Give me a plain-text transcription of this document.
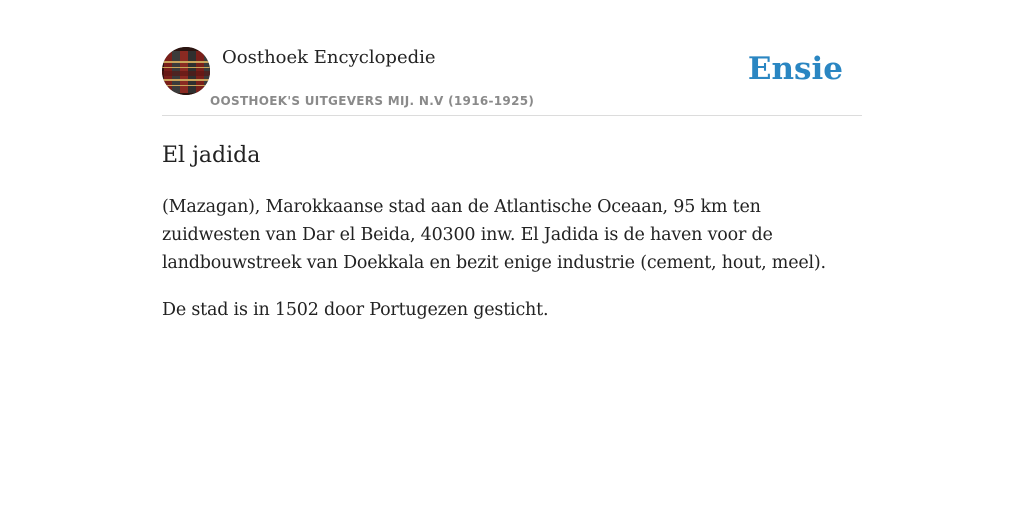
Oosthoek Encyclopedie
OOSTHOEK'S UITGEVERS MIJ. N.V (1916-1925)
Ensie
El jadida

(Mazagan), Marokkaanse stad aan de Atlantische Oceaan, 95 km ten zuidwesten van Dar el Beida, 40300 inw. El Jadida is de haven voor de landbouwstreek van Doekkala en bezit enige industrie (cement, hout, meel).

De stad is in 1502 door Portugezen gesticht.
